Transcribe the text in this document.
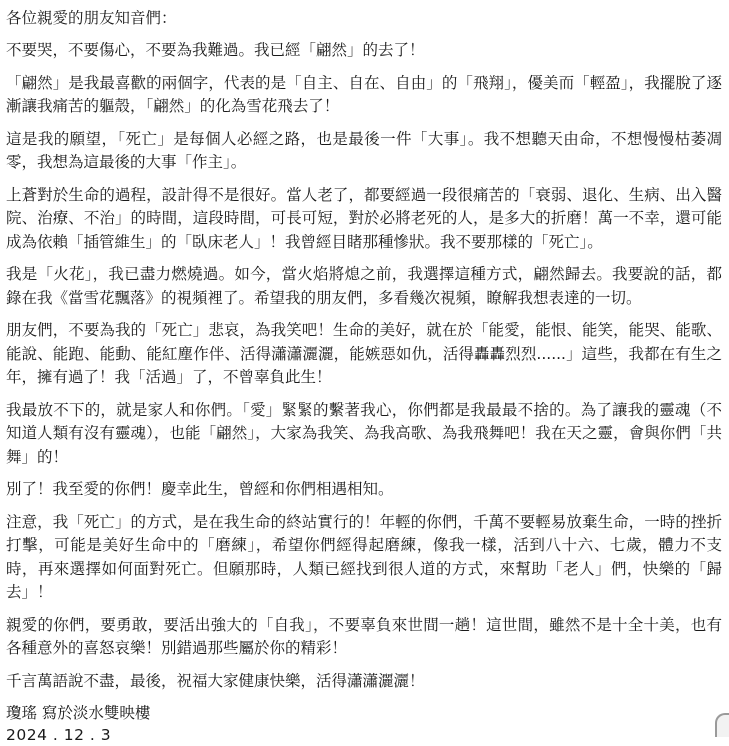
各位親愛的朋友知音們：

不要哭，不要傷心，不要為我難過。我已經「翩然」的去了！

「翩然」是我最喜歡的兩個字，代表的是「自主、自在、自由」的「飛翔」，優美而「輕盈」，我擺脫了逐漸讓我痛苦的軀殼，「翩然」的化為雪花飛去了！

這是我的願望，「死亡」是每個人必經之路，也是最後一件「大事」。我不想聽天由命，不想慢慢枯萎凋零，我想為這最後的大事「作主」。

上蒼對於生命的過程，設計得不是很好。當人老了，都要經過一段很痛苦的「衰弱、退化、生病、出入醫院、治療、不治」的時間，這段時間，可長可短，對於必將老死的人，是多大的折磨！萬一不幸，還可能成為依賴「插管維生」的「臥床老人」！我曾經目睹那種慘狀。我不要那樣的「死亡」。

我是「火花」，我已盡力燃燒過。如今，當火焰將熄之前，我選擇這種方式，翩然歸去。我要說的話，都錄在我《當雪花飄落》的視頻裡了。希望我的朋友們，多看幾次視頻，瞭解我想表達的一切。

朋友們，不要為我的「死亡」悲哀，為我笑吧！生命的美好，就在於「能愛，能恨、能笑，能哭、能歌、能說、能跑、能動、能紅塵作伴、活得瀟瀟灑灑，能嫉惡如仇，活得轟轟烈烈......」這些，我都在有生之年，擁有過了！我「活過」了，不曾辜負此生！

我最放不下的，就是家人和你們。「愛」緊緊的繫著我心，你們都是我最最不捨的。為了讓我的靈魂（不知道人類有沒有靈魂），也能「翩然」，大家為我笑、為我高歌、為我飛舞吧！我在天之靈，會與你們「共舞」的！

別了！我至愛的你們！慶幸此生，曾經和你們相遇相知。

注意，我「死亡」的方式，是在我生命的終站實行的！年輕的你們，千萬不要輕易放棄生命，一時的挫折打擊，可能是美好生命中的「磨練」，希望你們經得起磨練，像我一樣，活到八十六、七歲，體力不支時，再來選擇如何面對死亡。但願那時，人類已經找到很人道的方式，來幫助「老人」們，快樂的「歸去」！

親愛的你們，要勇敢，要活出強大的「自我」，不要辜負來世間一趟！這世間，雖然不是十全十美，也有各種意外的喜怒哀樂！別錯過那些屬於你的精彩！

千言萬語說不盡，最後，祝福大家健康快樂，活得瀟瀟灑灑！

瓊瑤 寫於淡水雙映樓

2024 . 12 . 3
